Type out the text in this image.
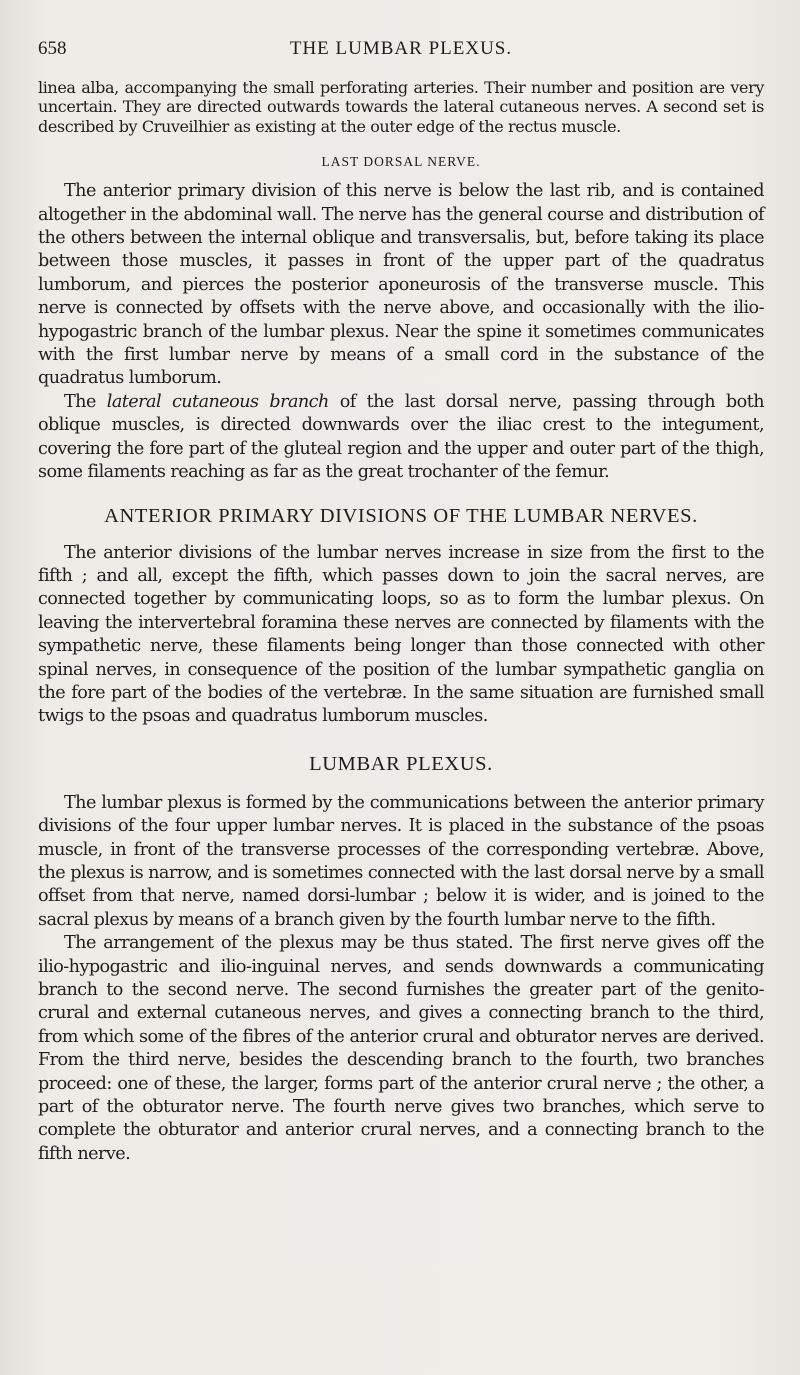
658	THE LUMBAR PLEXUS.

linea alba, accompanying the small perforating arteries. Their number and position are very uncertain. They are directed outwards towards the lateral cutaneous nerves. A second set is described by Cruveilhier as existing at the outer edge of the rectus muscle.

LAST DORSAL NERVE.

The anterior primary division of this nerve is below the last rib, and is contained altogether in the abdominal wall. The nerve has the general course and distribution of the others between the internal oblique and transversalis, but, before taking its place between those muscles, it passes in front of the upper part of the quadratus lumborum, and pierces the posterior aponeurosis of the transverse muscle. This nerve is connected by offsets with the nerve above, and occasionally with the ilio-hypogastric branch of the lumbar plexus. Near the spine it sometimes communicates with the first lumbar nerve by means of a small cord in the substance of the quadratus lumborum.

The lateral cutaneous branch of the last dorsal nerve, passing through both oblique muscles, is directed downwards over the iliac crest to the integument, covering the fore part of the gluteal region and the upper and outer part of the thigh, some filaments reaching as far as the great trochanter of the femur.

ANTERIOR PRIMARY DIVISIONS OF THE LUMBAR NERVES.

The anterior divisions of the lumbar nerves increase in size from the first to the fifth ; and all, except the fifth, which passes down to join the sacral nerves, are connected together by communicating loops, so as to form the lumbar plexus. On leaving the intervertebral foramina these nerves are connected by filaments with the sympathetic nerve, these filaments being longer than those connected with other spinal nerves, in consequence of the position of the lumbar sympathetic ganglia on the fore part of the bodies of the vertebræ. In the same situation are furnished small twigs to the psoas and quadratus lumborum muscles.

LUMBAR PLEXUS.

The lumbar plexus is formed by the communications between the anterior primary divisions of the four upper lumbar nerves. It is placed in the substance of the psoas muscle, in front of the transverse processes of the corresponding vertebræ. Above, the plexus is narrow, and is sometimes connected with the last dorsal nerve by a small offset from that nerve, named dorsi-lumbar ; below it is wider, and is joined to the sacral plexus by means of a branch given by the fourth lumbar nerve to the fifth.

The arrangement of the plexus may be thus stated. The first nerve gives off the ilio-hypogastric and ilio-inguinal nerves, and sends downwards a communicating branch to the second nerve. The second furnishes the greater part of the genito-crural and external cutaneous nerves, and gives a connecting branch to the third, from which some of the fibres of the anterior crural and obturator nerves are derived. From the third nerve, besides the descending branch to the fourth, two branches proceed: one of these, the larger, forms part of the anterior crural nerve ; the other, a part of the obturator nerve. The fourth nerve gives two branches, which serve to complete the obturator and anterior crural nerves, and a connecting branch to the fifth nerve.
